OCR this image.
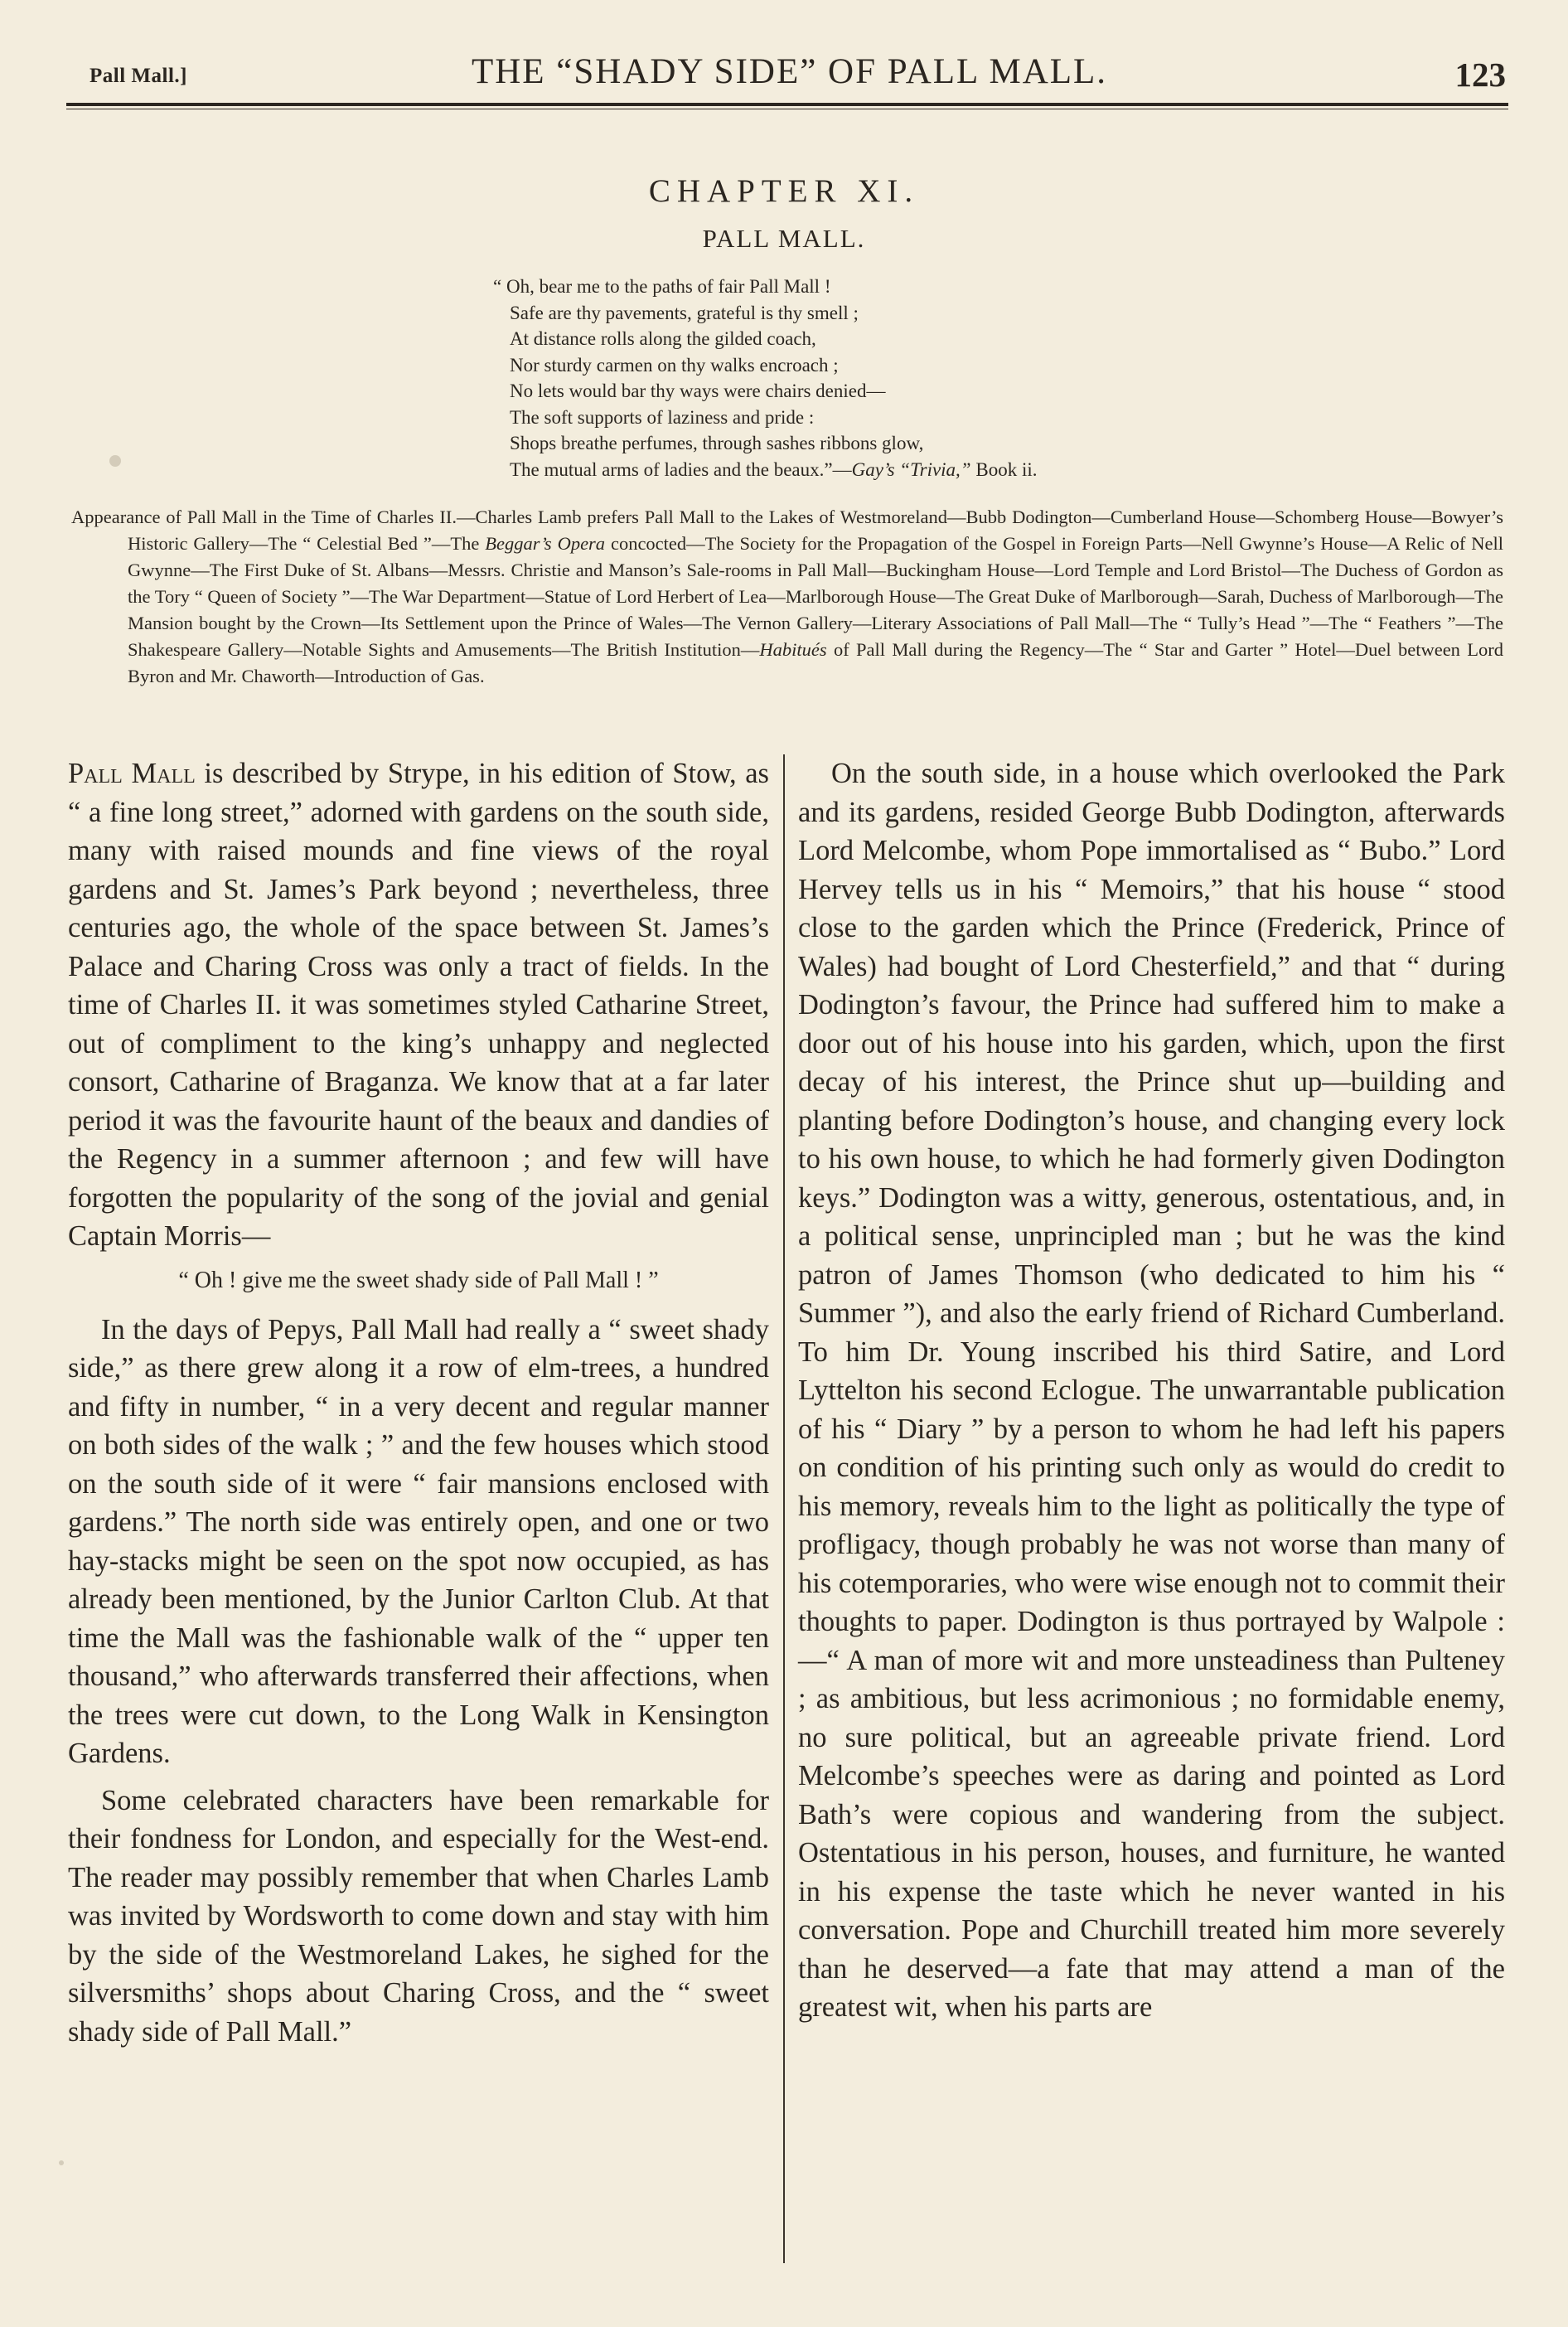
Pall Mall.]	THE “SHADY SIDE” OF PALL MALL.	123
CHAPTER XI.
PALL MALL.
“ Oh, bear me to the paths of fair Pall Mall !
Safe are thy pavements, grateful is thy smell ;
At distance rolls along the gilded coach,
Nor sturdy carmen on thy walks encroach ;
No lets would bar thy ways were chairs denied—
The soft supports of laziness and pride :
Shops breathe perfumes, through sashes ribbons glow,
The mutual arms of ladies and the beaux.”—Gay’s “Trivia,” Book ii.

Appearance of Pall Mall in the Time of Charles II.—Charles Lamb prefers Pall Mall to the Lakes of Westmoreland—Bubb Dodington—Cumberland House—Schomberg House—Bowyer’s Historic Gallery—The “ Celestial Bed ”—The Beggar’s Opera concocted—The Society for the Propagation of the Gospel in Foreign Parts—Nell Gwynne’s House—A Relic of Nell Gwynne—The First Duke of St. Albans—Messrs. Christie and Manson’s Sale-rooms in Pall Mall—Buckingham House—Lord Temple and Lord Bristol—The Duchess of Gordon as the Tory “ Queen of Society ”—The War Department—Statue of Lord Herbert of Lea—Marlborough House—The Great Duke of Marlborough—Sarah, Duchess of Marlborough—The Mansion bought by the Crown—Its Settlement upon the Prince of Wales—The Vernon Gallery—Literary Associations of Pall Mall—The “ Tully’s Head ”—The “ Feathers ”—The Shakespeare Gallery—Notable Sights and Amusements—The British Institution—Habitués of Pall Mall during the Regency—The “ Star and Garter ” Hotel—Duel between Lord Byron and Mr. Chaworth—Introduction of Gas.

Pall Mall is described by Strype, in his edition of Stow, as “ a fine long street,” adorned with gardens on the south side, many with raised mounds and fine views of the royal gardens and St. James’s Park beyond ; nevertheless, three centuries ago, the whole of the space between St. James’s Palace and Charing Cross was only a tract of fields. In the time of Charles II. it was sometimes styled Catharine Street, out of compliment to the king’s unhappy and neglected consort, Catharine of Braganza. We know that at a far later period it was the favourite haunt of the beaux and dandies of the Regency in a summer afternoon ; and few will have forgotten the popularity of the song of the jovial and genial Captain Morris—

“ Oh ! give me the sweet shady side of Pall Mall ! ”

In the days of Pepys, Pall Mall had really a “ sweet shady side,” as there grew along it a row of elm-trees, a hundred and fifty in number, “ in a very decent and regular manner on both sides of the walk ; ” and the few houses which stood on the south side of it were “ fair mansions enclosed with gardens.” The north side was entirely open, and one or two hay-stacks might be seen on the spot now occupied, as has already been mentioned, by the Junior Carlton Club. At that time the Mall was the fashionable walk of the “ upper ten thousand,” who afterwards transferred their affections, when the trees were cut down, to the Long Walk in Kensington Gardens.

Some celebrated characters have been remarkable for their fondness for London, and especially for the West-end. The reader may possibly remember that when Charles Lamb was invited by Wordsworth to come down and stay with him by the side of the Westmoreland Lakes, he sighed for the silversmiths’ shops about Charing Cross, and the “ sweet shady side of Pall Mall.”

On the south side, in a house which overlooked the Park and its gardens, resided George Bubb Dodington, afterwards Lord Melcombe, whom Pope immortalised as “ Bubo.” Lord Hervey tells us in his “ Memoirs,” that his house “ stood close to the garden which the Prince (Frederick, Prince of Wales) had bought of Lord Chesterfield,” and that “ during Dodington’s favour, the Prince had suffered him to make a door out of his house into his garden, which, upon the first decay of his interest, the Prince shut up—building and planting before Dodington’s house, and changing every lock to his own house, to which he had formerly given Dodington keys.” Dodington was a witty, generous, ostentatious, and, in a political sense, unprincipled man ; but he was the kind patron of James Thomson (who dedicated to him his “ Summer ”), and also the early friend of Richard Cumberland. To him Dr. Young inscribed his third Satire, and Lord Lyttelton his second Eclogue. The unwarrantable publication of his “ Diary ” by a person to whom he had left his papers on condition of his printing such only as would do credit to his memory, reveals him to the light as politically the type of profligacy, though probably he was not worse than many of his cotemporaries, who were wise enough not to commit their thoughts to paper. Dodington is thus portrayed by Walpole :—“ A man of more wit and more unsteadiness than Pulteney ; as ambitious, but less acrimonious ; no formidable enemy, no sure political, but an agreeable private friend. Lord Melcombe’s speeches were as daring and pointed as Lord Bath’s were copious and wandering from the subject. Ostentatious in his person, houses, and furniture, he wanted in his expense the taste which he never wanted in his conversation. Pope and Churchill treated him more severely than he deserved—a fate that may attend a man of the greatest wit, when his parts are
